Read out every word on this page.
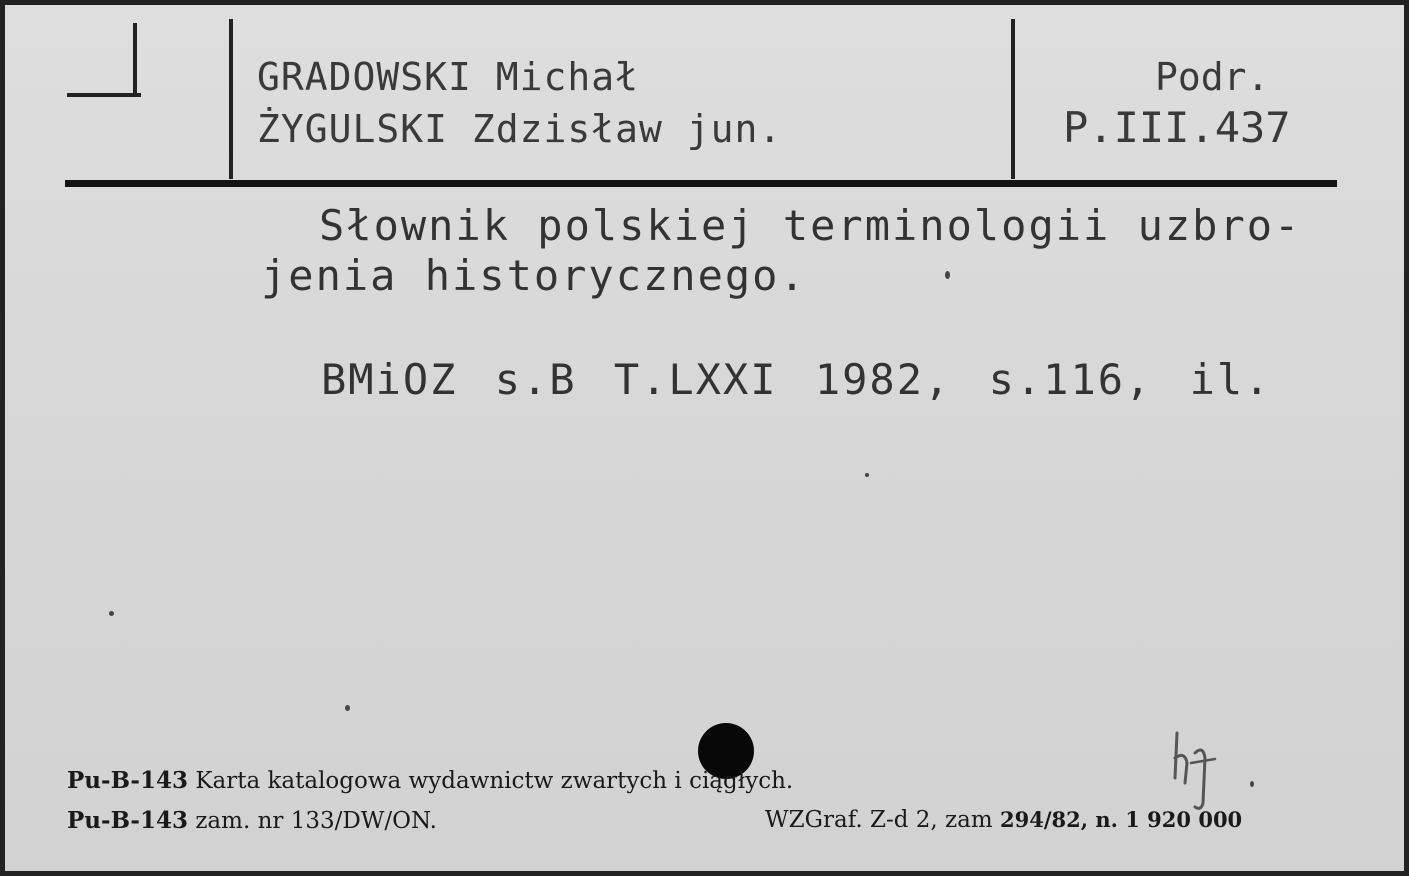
GRADOWSKI Michał
ŻYGULSKI Zdzisław jun.
Podr.
P.III.437
Słownik polskiej terminologii uzbro-
jenia historycznego.
BMiOZ s.B T.LXXI 1982, s.116, il.
Pu-B-143 Karta katalogowa wydawnictw zwartych i ciągłych.
Pu-B-143 zam. nr 133/DW/ON.	WZGraf. Z-d 2, zam 294/82, n. 1 920 000
